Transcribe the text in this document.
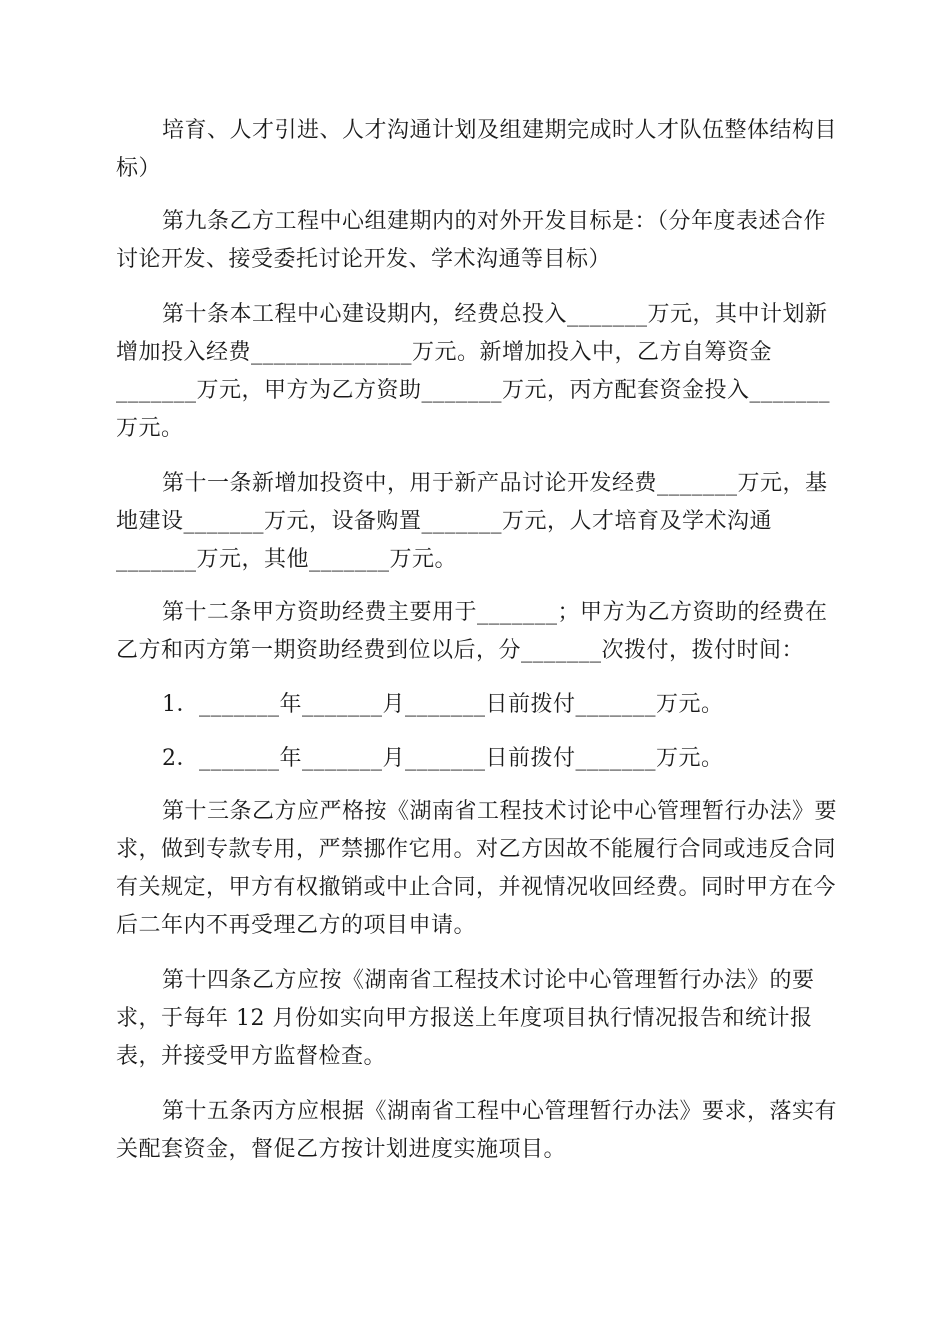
培育、人才引进、人才沟通计划及组建期完成时人才队伍整体结构目
标）
第九条乙方工程中心组建期内的对外开发目标是：（分年度表述合作
讨论开发、接受委托讨论开发、学术沟通等目标）
第十条本工程中心建设期内，经费总投入_______万元，其中计划新
增加投入经费______________万元。新增加投入中，乙方自筹资金
_______万元，甲方为乙方资助_______万元，丙方配套资金投入_______
万元。
第十一条新增加投资中，用于新产品讨论开发经费_______万元，基
地建设_______万元，设备购置_______万元，人才培育及学术沟通
_______万元，其他_______万元。
第十二条甲方资助经费主要用于_______；甲方为乙方资助的经费在
乙方和丙方第一期资助经费到位以后，分_______次拨付，拨付时间：
1．_______年_______月_______日前拨付_______万元。
2．_______年_______月_______日前拨付_______万元。
第十三条乙方应严格按《湖南省工程技术讨论中心管理暂行办法》要
求，做到专款专用，严禁挪作它用。对乙方因故不能履行合同或违反合同
有关规定，甲方有权撤销或中止合同，并视情况收回经费。同时甲方在今
后二年内不再受理乙方的项目申请。
第十四条乙方应按《湖南省工程技术讨论中心管理暂行办法》的要
求，于每年 12 月份如实向甲方报送上年度项目执行情况报告和统计报
表，并接受甲方监督检查。
第十五条丙方应根据《湖南省工程中心管理暂行办法》要求，落实有
关配套资金，督促乙方按计划进度实施项目。
